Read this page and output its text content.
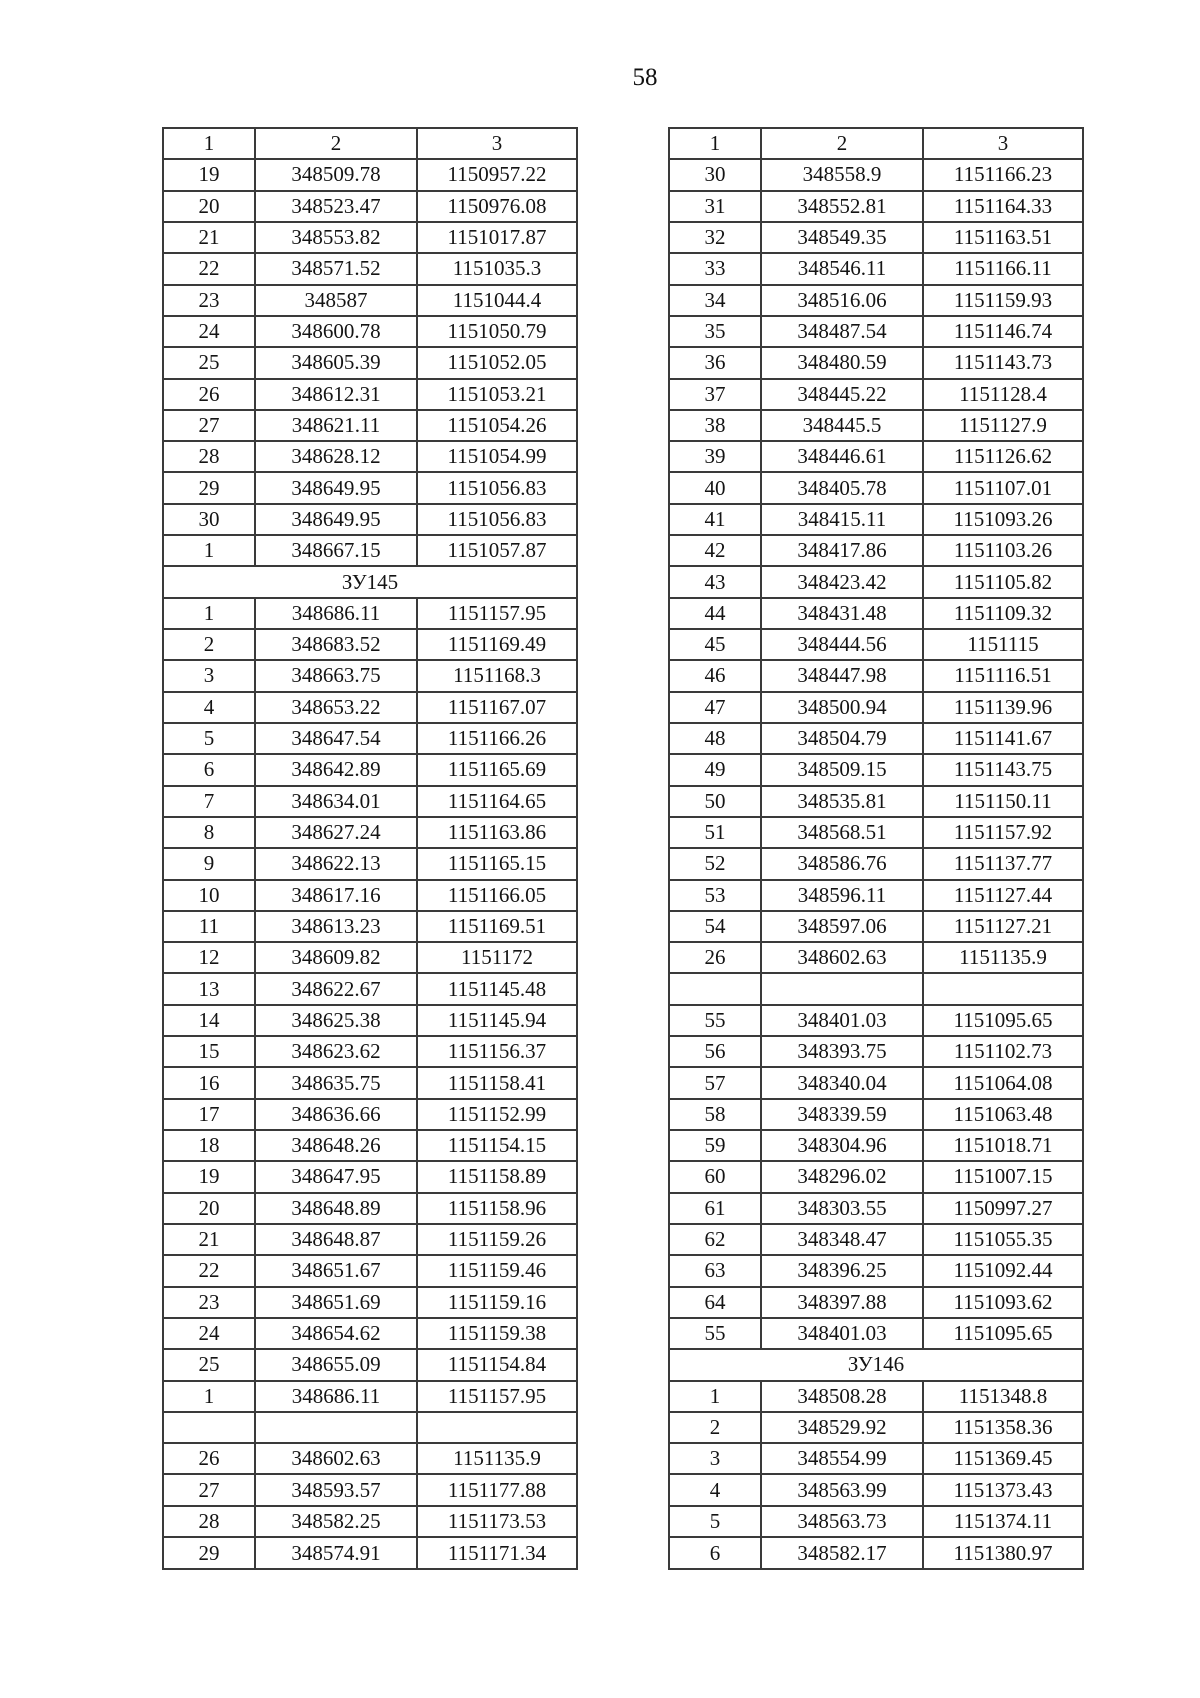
58
1	2	3
19	348509.78	1150957.22
20	348523.47	1150976.08
21	348553.82	1151017.87
22	348571.52	1151035.3
23	348587	1151044.4
24	348600.78	1151050.79
25	348605.39	1151052.05
26	348612.31	1151053.21
27	348621.11	1151054.26
28	348628.12	1151054.99
29	348649.95	1151056.83
30	348649.95	1151056.83
1	348667.15	1151057.87
ЗУ145		
1	348686.11	1151157.95
2	348683.52	1151169.49
3	348663.75	1151168.3
4	348653.22	1151167.07
5	348647.54	1151166.26
6	348642.89	1151165.69
7	348634.01	1151164.65
8	348627.24	1151163.86
9	348622.13	1151165.15
10	348617.16	1151166.05
11	348613.23	1151169.51
12	348609.82	1151172
13	348622.67	1151145.48
14	348625.38	1151145.94
15	348623.62	1151156.37
16	348635.75	1151158.41
17	348636.66	1151152.99
18	348648.26	1151154.15
19	348647.95	1151158.89
20	348648.89	1151158.96
21	348648.87	1151159.26
22	348651.67	1151159.46
23	348651.69	1151159.16
24	348654.62	1151159.38
25	348655.09	1151154.84
1	348686.11	1151157.95

26	348602.63	1151135.9
27	348593.57	1151177.88
28	348582.25	1151173.53
29	348574.91	1151171.34
1	2	3
30	348558.9	1151166.23
31	348552.81	1151164.33
32	348549.35	1151163.51
33	348546.11	1151166.11
34	348516.06	1151159.93
35	348487.54	1151146.74
36	348480.59	1151143.73
37	348445.22	1151128.4
38	348445.5	1151127.9
39	348446.61	1151126.62
40	348405.78	1151107.01
41	348415.11	1151093.26
42	348417.86	1151103.26
43	348423.42	1151105.82
44	348431.48	1151109.32
45	348444.56	1151115
46	348447.98	1151116.51
47	348500.94	1151139.96
48	348504.79	1151141.67
49	348509.15	1151143.75
50	348535.81	1151150.11
51	348568.51	1151157.92
52	348586.76	1151137.77
53	348596.11	1151127.44
54	348597.06	1151127.21
26	348602.63	1151135.9

55	348401.03	1151095.65
56	348393.75	1151102.73
57	348340.04	1151064.08
58	348339.59	1151063.48
59	348304.96	1151018.71
60	348296.02	1151007.15
61	348303.55	1150997.27
62	348348.47	1151055.35
63	348396.25	1151092.44
64	348397.88	1151093.62
55	348401.03	1151095.65
ЗУ146		
1	348508.28	1151348.8
2	348529.92	1151358.36
3	348554.99	1151369.45
4	348563.99	1151373.43
5	348563.73	1151374.11
6	348582.17	1151380.97
